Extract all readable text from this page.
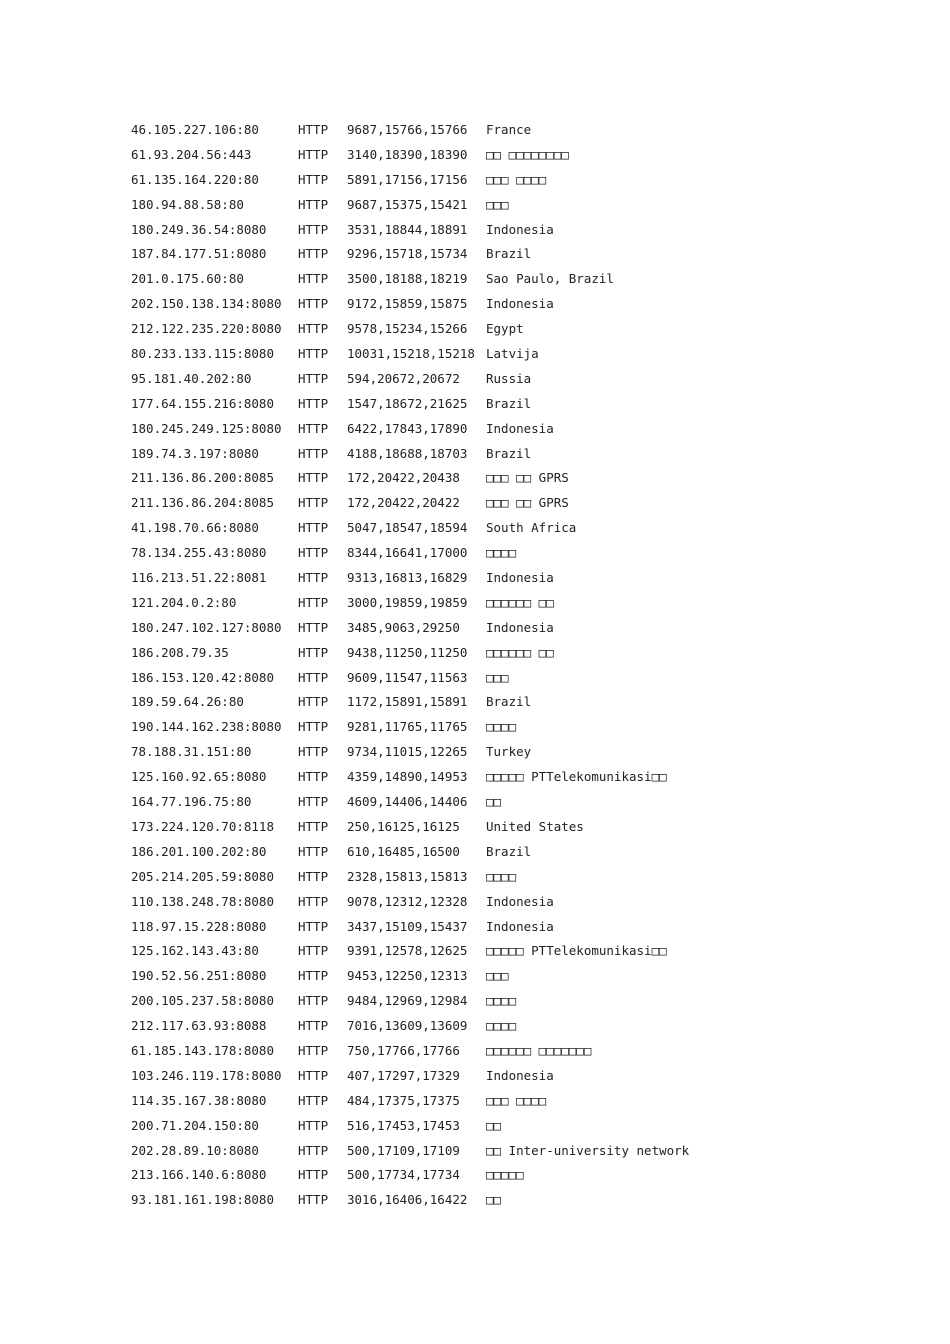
46.105.227.106:80	HTTP 9687,15766,15766 France
61.93.204.56:443	HTTP 3140,18390,18390 □□ □□□□□□□□
61.135.164.220:80	HTTP 5891,17156,17156 □□□ □□□□
180.94.88.58:80	HTTP 9687,15375,15421 □□□
180.249.36.54:8080	HTTP 3531,18844,18891 Indonesia
187.84.177.51:8080	HTTP 9296,15718,15734 Brazil
201.0.175.60:80	HTTP 3500,18188,18219 Sao Paulo, Brazil
202.150.138.134:8080 HTTP 9172,15859,15875 Indonesia
212.122.235.220:8080 HTTP 9578,15234,15266 Egypt
80.233.133.115:8080 HTTP 10031,15218,15218 Latvija
95.181.40.202:80	HTTP 594,20672,20672 Russia
177.64.155.216:8080 HTTP 1547,18672,21625 Brazil
180.245.249.125:8080 HTTP 6422,17843,17890 Indonesia
189.74.3.197:8080	HTTP 4188,18688,18703 Brazil
211.136.86.200:8085 HTTP 172,20422,20438 □□□ □□ GPRS
211.136.86.204:8085 HTTP 172,20422,20422 □□□ □□ GPRS
41.198.70.66:8080	HTTP 5047,18547,18594 South Africa
78.134.255.43:8080	HTTP 8344,16641,17000 □□□□
116.213.51.22:8081	HTTP 9313,16813,16829 Indonesia
121.204.0.2:80	HTTP 3000,19859,19859 □□□□□□ □□
180.247.102.127:8080 HTTP 3485,9063,29250 Indonesia
186.208.79.35	HTTP 9438,11250,11250 □□□□□□ □□
186.153.120.42:8080 HTTP 9609,11547,11563 □□□
189.59.64.26:80	HTTP 1172,15891,15891 Brazil
190.144.162.238:8080 HTTP 9281,11765,11765 □□□□
78.188.31.151:80	HTTP 9734,11015,12265 Turkey
125.160.92.65:8080	HTTP 4359,14890,14953 □□□□□ PTTelekomunikasi□□
164.77.196.75:80	HTTP 4609,14406,14406 □□
173.224.120.70:8118 HTTP 250,16125,16125 United States
186.201.100.202:80	HTTP 610,16485,16500 Brazil
205.214.205.59:8080 HTTP 2328,15813,15813 □□□□
110.138.248.78:8080 HTTP 9078,12312,12328 Indonesia
118.97.15.228:8080	HTTP 3437,15109,15437 Indonesia
125.162.143.43:80	HTTP 9391,12578,12625 □□□□□ PTTelekomunikasi□□
190.52.56.251:8080	HTTP 9453,12250,12313 □□□
200.105.237.58:8080 HTTP 9484,12969,12984 □□□□
212.117.63.93:8088	HTTP 7016,13609,13609 □□□□
61.185.143.178:8080 HTTP 750,17766,17766 □□□□□□ □□□□□□□
103.246.119.178:8080 HTTP 407,17297,17329 Indonesia
114.35.167.38:8080	HTTP 484,17375,17375 □□□ □□□□
200.71.204.150:80	HTTP 516,17453,17453 □□
202.28.89.10:8080	HTTP 500,17109,17109 □□ Inter-university network
213.166.140.6:8080	HTTP 500,17734,17734 □□□□□
93.181.161.198:8080 HTTP 3016,16406,16422 □□
